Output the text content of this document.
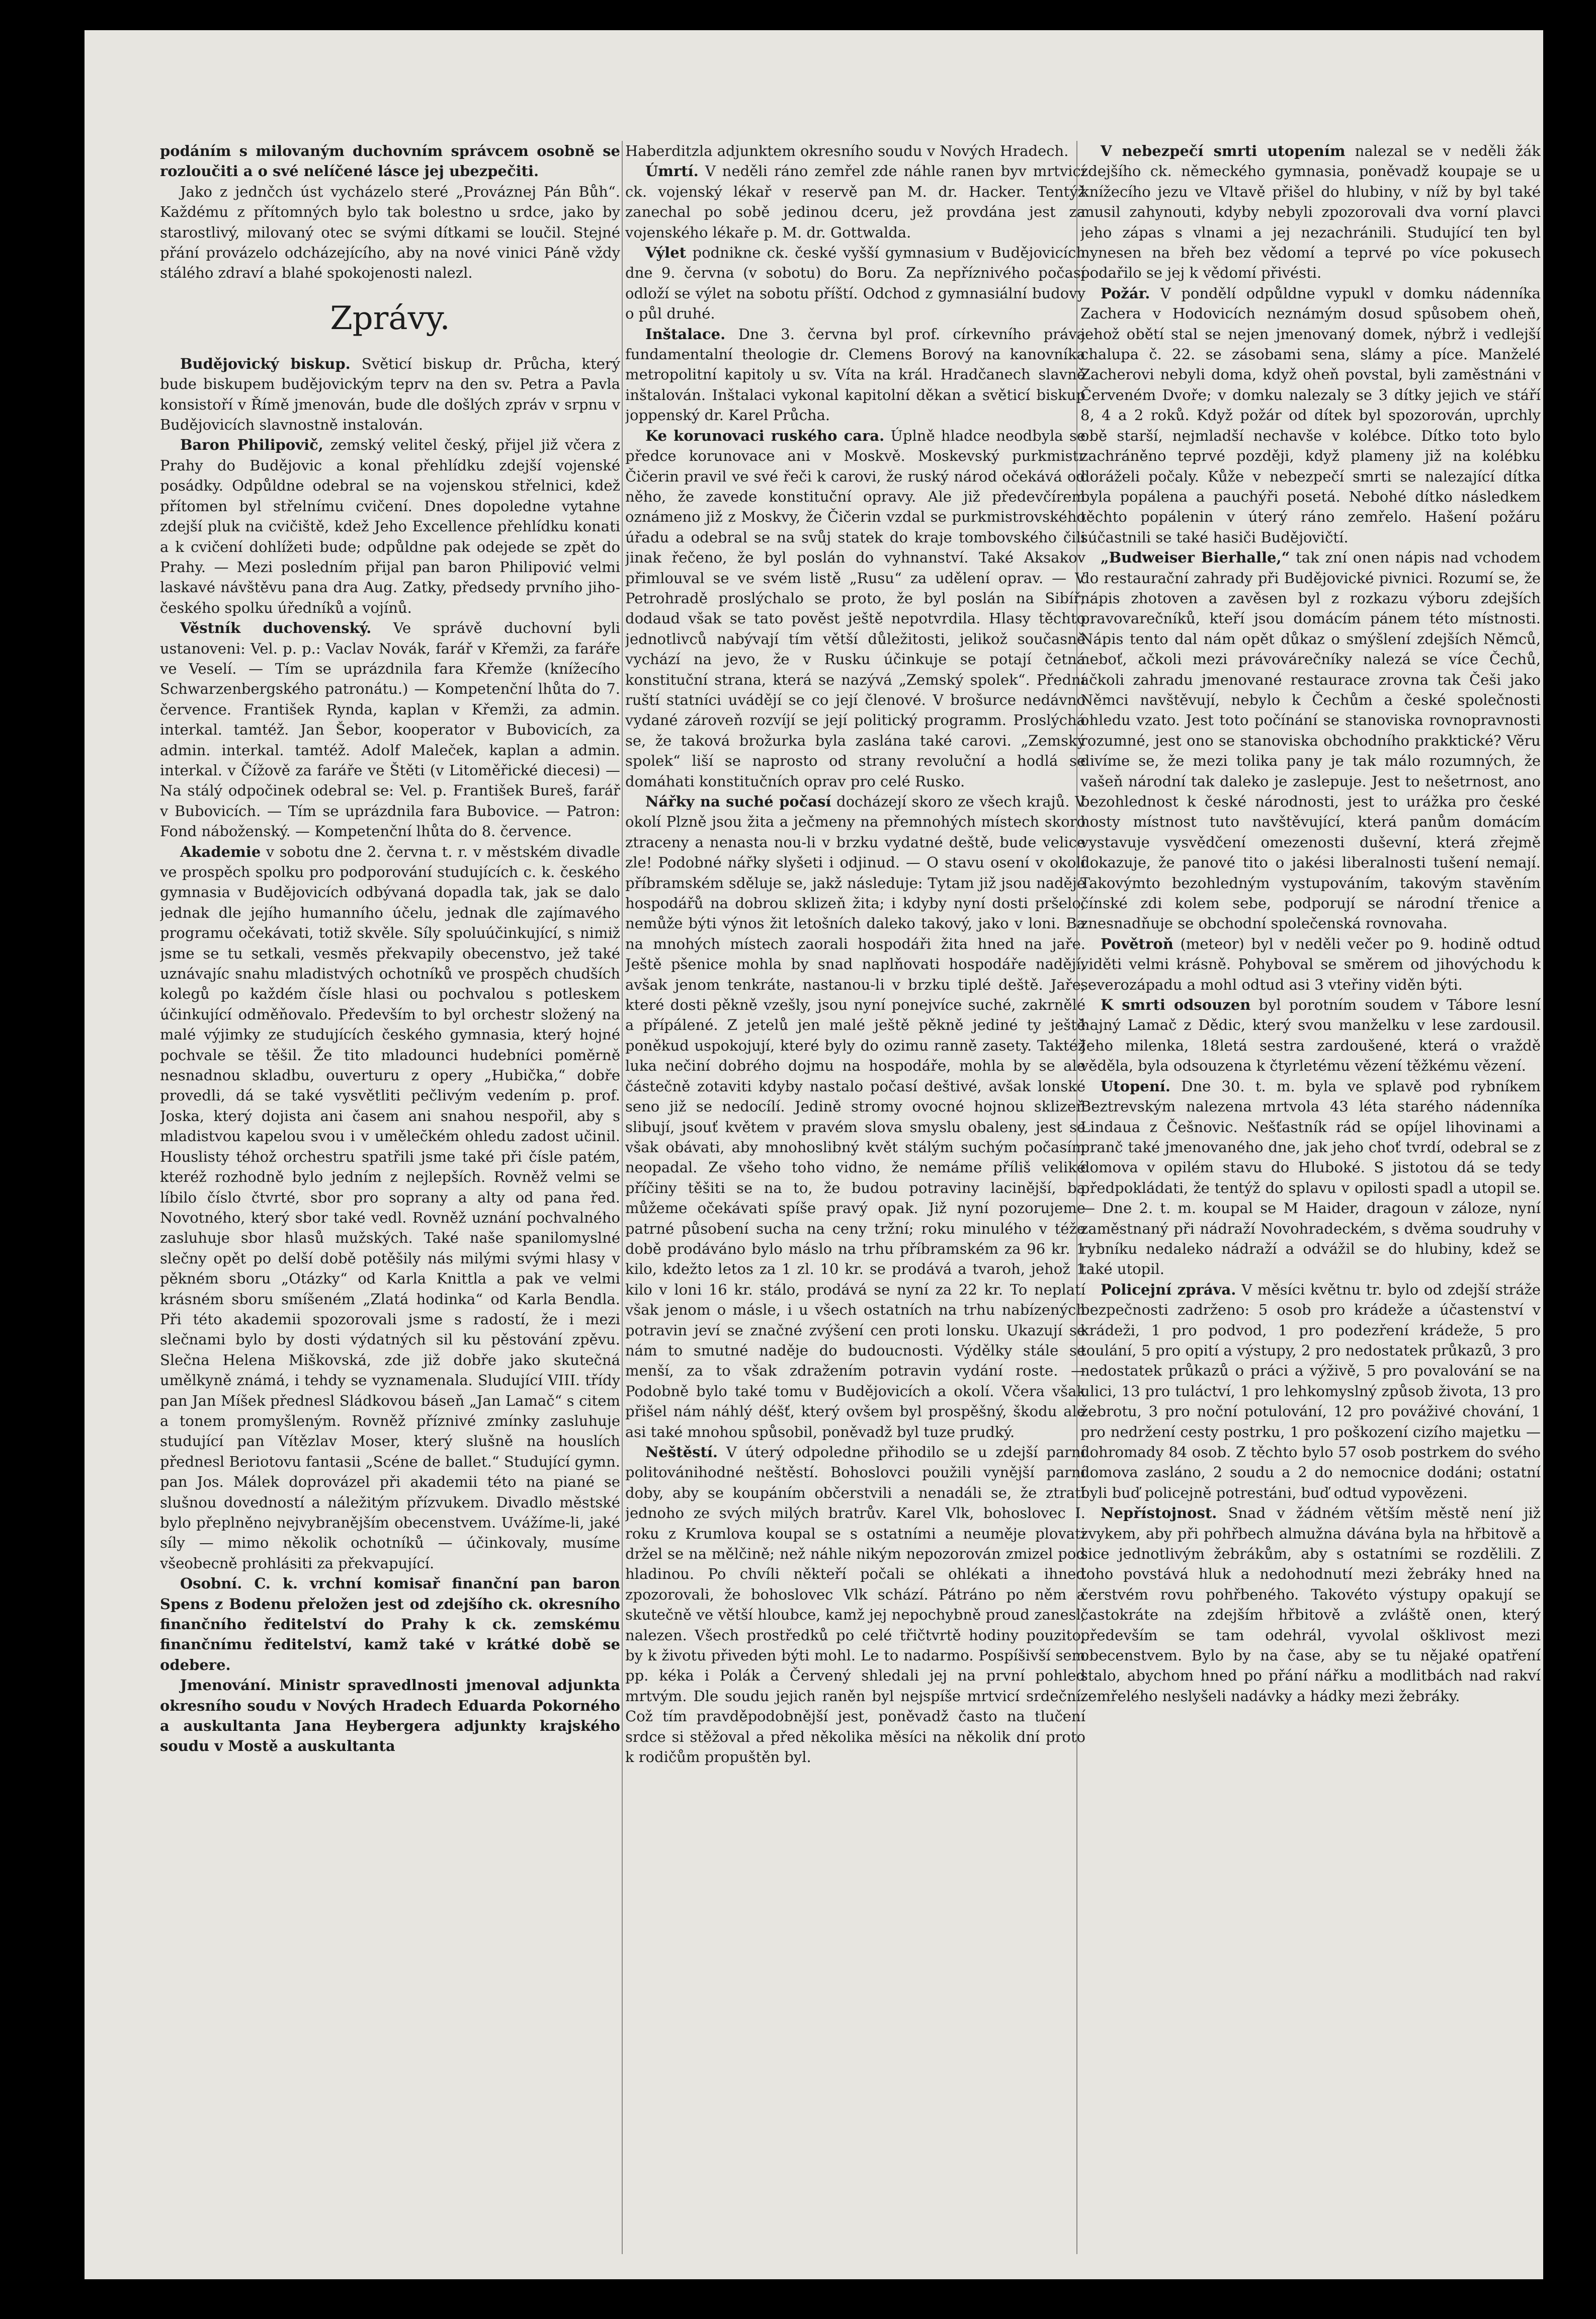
podáním s milovaným duchovním správcem osobně se rozloučiti a o své nelíčené lásce jej ubezpečiti.

Jako z jednčch úst vycházelo steré „Prováznej Pán Bůh“. Každému z přítomných bylo tak bolestno u srdce, jako by starostlivý, milovaný otec se svými dítkami se loučil. Stejné přání provázelo odcházejícího, aby na nové vinici Páně vždy stálého zdraví a blahé spokojenosti nalezl.

Zprávy.

Budějovický biskup. Světicí biskup dr. Průcha, který bude biskupem budějovickým teprv na den sv. Petra a Pavla konsistoří v Římě jmenován, bude dle došlých zpráv v srpnu v Budějovicích slavnostně instalován.

Baron Philipovič, zemský velitel český, přijel již včera z Prahy do Budějovic a konal přehlídku zdejší vojenské posádky. Odpůldne odebral se na vojenskou střelnici, kdež přítomen byl střelnímu cvičení. Dnes dopoledne vytahne zdejší pluk na cvičiště, kdež Jeho Excellence přehlídku konati a k cvičení dohlížeti bude; odpůldne pak odejede se zpět do Prahy. — Mezi posledním přijal pan baron Philipović velmi laskavé návštěvu pana dra Aug. Zatky, předsedy prvního jiho-českého spolku úředníků a vojínů.

Věstník duchovenský. Ve správě duchovní byli ustanoveni: Vel. p. p.: Vaclav Novák, farář v Křemži, za faráře ve Veselí. — Tím se uprázdnila fara Křemže (knížecího Schwarzenbergského patronátu.) — Kompetenční lhůta do 7. července. František Rynda, kaplan v Křemži, za admin. interkal. tamtéž. Jan Šebor, kooperator v Bubovicích, za admin. interkal. tamtéž. Adolf Maleček, kaplan a admin. interkal. v Čížově za faráře ve Štěti (v Litoměřické diecesi) — Na stálý odpočinek odebral se: Vel. p. František Bureš, farář v Bubovicích. — Tím se uprázdnila fara Bubovice. — Patron: Fond náboženský. — Kompetenční lhůta do 8. července.

Akademie v sobotu dne 2. června t. r. v městském divadle ve prospěch spolku pro podporování studujících c. k. českého gymnasia v Budějovicích odbývaná dopadla tak, jak se dalo jednak dle jejího humanního účelu, jednak dle zajímavého programu očekávati, totiž skvěle. Síly spoluúčinkující, s nimiž jsme se tu setkali, vesměs překvapily obecenstvo, jež také uznávajíc snahu mladistvých ochotníků ve prospěch chudších kolegů po každém čísle hlasi ou pochvalou s potleskem účinkující odměňovalo. Především to byl orchestr složený na malé výjimky ze studujících českého gymnasia, který hojné pochvale se těšil. Že tito mladounci hudebníci poměrně nesnadnou skladbu, ouverturu z opery „Hubička,“ dobře provedli, dá se také vysvětliti pečlivým vedením p. prof. Joska, který dojista ani časem ani snahou nespořil, aby s mladistvou kapelou svou i v umělec̆kém ohledu zadost učinil. Houslisty téhož orchestru spatřili jsme také při čísle patém, kteréž rozhodně bylo jedním z nejlepších. Rovněž velmi se líbilo číslo čtvrté, sbor pro soprany a alty od pana řed. Novotného, který sbor také vedl. Rovněž uznání pochvalného zasluhuje sbor hlasů mužských. Také naše spanilomyslné slečny opět po delší době potěšily nás milými svými hlasy v pěkném sboru „Otázky“ od Karla Knittla a pak ve velmi krásném sboru smíšeném „Zlatá hodinka“ od Karla Bendla. Při této akademii spozorovali jsme s radostí, že i mezi slečnami bylo by dosti výdatných sil ku pěstování zpěvu. Slečna Helena Miškovská, zde již dobře jako skutečná umělkyně známá, i tehdy se vyznamenala. Sludující VIII. třídy pan Jan Míšek přednesl Sládkovou báseň „Jan Lamač“ s citem a tonem promyšleným. Rovněž příznivé zmínky zasluhuje studující pan Vítězlav Moser, který slušně na houslích přednesl Beriotovu fantasii „Scéne de ballet.“ Studující gymn. pan Jos. Málek doprovázel při akademii této na piané se slušnou dovedností a náležitým přízvukem. Divadlo městské bylo přeplněno nejvybranějším obecenstvem. Uvážíme-li, jaké síly — mimo několik ochotníků — účinkovaly, musíme všeobecně prohlásiti za překvapující.

Osobní. C. k. vrchní komisař finanční pan baron Spens z Bodenu přeložen jest od zdejšího ck. okresního finančního ředitelství do Prahy k ck. zemskému finančnímu ředitelství, kamž také v krátké době se odebere.

Jmenování. Ministr spravedlnosti jmenoval adjunkta okresního soudu v Nových Hradech Eduarda Pokorného a auskultanta Jana Heybergera adjunkty krajského soudu v Mostě a auskultanta

Haberditzla adjunktem okresního soudu v Nových Hradech.

Úmrtí. V neděli ráno zemřel zde náhle ranen byv mrtvicí ck. vojenský lékař v reservě pan M. dr. Hacker. Tentýž zanechal po sobě jedinou dceru, jež provdána jest za vojenského lékaře p. M. dr. Gottwalda.

Výlet podnikne ck. české vyšší gymnasium v Budějovicích dne 9. června (v sobotu) do Boru. Za nepříznivého počasí odloží se výlet na sobotu příští. Odchod z gymnasiální budovy o půl druhé.

Inštalace. Dne 3. června byl prof. církevního práva fundamentalní theologie dr. Clemens Borový na kanovníka metropolitní kapitoly u sv. Víta na král. Hradčanech slavně inštalován. Inštalaci vykonal kapitolní děkan a světicí biskup joppenský dr. Karel Průcha.

Ke korunovaci ruského cara. Úplně hladce neodbyla se předce korunovace ani v Moskvě. Moskevský purkmistr Čičerin pravil ve své řeči k carovi, že ruský národ očekává od něho, že zavede konstituční opravy. Ale již předevčírem oznámeno již z Moskvy, že Čičerin vzdal se purkmistrovského úřadu a odebral se na svůj statek do kraje tombovského čili jinak řečeno, že byl poslán do vyhnanství. Také Aksakov přimlouval se ve svém listě „Rusu“ za udělení oprav. — V Petrohradě proslýchalo se proto, že byl poslán na Sibíř; dodaud však se tato pověst ještě nepotvrdila. Hlasy těchto jednotlivců nabývají tím větší důležitosti, jelikož současně vychází na jevo, že v Rusku účinkuje se potají četná konstituční strana, která se nazývá „Zemský spolek“. Přední ruští statníci uvádějí se co její členové. V brošurce nedávno vydané zároveň rozvíjí se její politický programm. Proslýchá se, že taková brožurka byla zaslána také carovi. „Zemský spolek“ liší se naprosto od strany revoluční a hodlá se domáhati konstitučních oprav pro celé Rusko.

Nářky na suché počasí docházejí skoro ze všech krajů. V okolí Plzně jsou žita a ječmeny na přemnohých místech skoro ztraceny a nenasta nou-li v brzku vydatné deště, bude velice zle! Podobné nářky slyšeti i odjinud. — O stavu osení v okolí příbramském sděluje se, jakž následuje: Tytam již jsou naděje hospodářů na dobrou sklizeň žita; i kdyby nyní dosti pršelo, nemůže býti výnos žit letošních daleko takový, jako v loni. Ba na mnohých místech zaorali hospodáři žita hned na jaře. Ještě pšenice mohla by snad naplňovati hospodáře nadějí, avšak jenom tenkráte, nastanou-li v brzku tiplé deště. Jaře, které dosti pěkně vzešly, jsou nyní ponejvíce suché, zakrnělé a přípálené. Z jetelů jen malé ještě pěkně jediné ty ještě poněkud uspokojují, které byly do ozimu ranně zasety. Taktéž luka nečiní dobrého dojmu na hospodáře, mohla by se ale částečně zotaviti kdyby nastalo počasí deštivé, avšak lonské seno již se nedocílí. Jedině stromy ovocné hojnou sklizeň slibují, jsouť květem v pravém slova smyslu obaleny, jest se však obávati, aby mnohoslibný květ stálým suchým počasím neopadal. Ze všeho toho vidno, že nemáme příliš veliké příčiny těšiti se na to, že budou potraviny lacinější, ba můžeme očekávati spíše pravý opak. Již nyní pozorujeme patrné působení sucha na ceny tržní; roku minulého v téže době prodáváno bylo máslo na trhu příbramském za 96 kr. 1 kilo, kdežto letos za 1 zl. 10 kr. se prodává a tvaroh, jehož 1 kilo v loni 16 kr. stálo, prodává se nyní za 22 kr. To neplatí však jenom o másle, i u všech ostatních na trhu nabízených potravin jeví se značné zvýšení cen proti lonsku. Ukazují se nám to smutné naděje do budoucnosti. Výdělky stále se menší, za to však zdražením potravin vydání roste. — Podobně bylo také tomu v Budějovicích a okolí. Včera však přišel nám náhlý déšť, který ovšem byl prospěšný, škodu ale asi také mnohou spůsobil, poněvadž byl tuze prudký.

Neštěstí. V úterý odpoledne přihodilo se u zdejší parní politovánihodné neštěstí. Bohoslovci použili vynější parní doby, aby se koupáním občerstvili a nenadáli se, že ztratí jednoho ze svých milých bratrův. Karel Vlk, bohoslovec I. roku z Krumlova koupal se s ostatními a neuměje plovati držel se na mělčině; než náhle nikým nepozorován zmizel pod hladinou. Po chvíli někteří počali se ohlékati a ihned zpozorovali, že bohoslovec Vlk schází. Pátráno po něm a skutečně ve větší hloubce, kamž jej nepochybně proud zanesl, nalezen. Všech prostředků po celé třičtvrtě hodiny pouzito, by k životu přiveden býti mohl. Le to nadarmo. Pospíšivší sem pp. kéka i Polák a Červený shledali jej na první pohled mrtvým. Dle soudu jejich raněn byl nejspíše mrtvicí srdeční. Což tím pravděpodobnější jest, poněvadž často na tlučení srdce si stěžoval a před několika měsíci na několik dní proto k rodičům propuštěn byl.

V nebezpečí smrti utopením nalezal se v neděli žák zdejšího ck. německého gymnasia, poněvadž koupaje se u knížecího jezu ve Vltavě přišel do hlubiny, v níž by byl také musil zahynouti, kdyby nebyli zpozorovali dva vorní plavci jeho zápas s vlnami a jej nezachránili. Studující ten byl nynesen na břeh bez vědomí a teprvé po více pokusech podařilo se jej k vědomí přivésti.

Požár. V pondělí odpůldne vypukl v domku nádenníka Zachera v Hodovicích neznámým dosud spůsobem oheň, jehož obětí stal se nejen jmenovaný domek, nýbrž i vedlejší chalupa č. 22. se zásobami sena, slámy a píce. Manželé Zacherovi nebyli doma, když oheň povstal, byli zaměstnáni v Červeném Dvoře; v domku nalezaly se 3 dítky jejich ve stáří 8, 4 a 2 roků. Když požár od dítek byl spozorován, uprchly obě starší, nejmladší nechavše v kolébce. Dítko toto bylo zachráněno teprvé později, když plameny již na kolébku doráželi počaly. Kůže v nebezpečí smrti se nalezající dítka byla popálena a pauchýři posetá. Nebohé dítko následkem těchto popálenin v úterý ráno zemřelo. Hašení požáru súčastnili se také hasiči Budějovičtí.

„Budweiser Bierhalle,“ tak zní onen nápis nad vchodem do restaurační zahrady při Budějovické pivnici. Rozumí se, že nápis zhotoven a zavěsen byl z rozkazu výboru zdejších pravovarečníků, kteří jsou domácím pánem této místnosti. Nápis tento dal nám opět důkaz o smýšlení zdejších Němců, neboť, ačkoli mezi právovárečníky nalezá se více Čechů, ačkoli zahradu jmenované restaurace zrovna tak Češi jako Němci navštěvují, nebylo k Čechům a české společnosti ohledu vzato. Jest toto počínání se stanoviska rovnopravnosti rozumné, jest ono se stanoviska obchodního prakktické? Věru divíme se, že mezi tolika pany je tak málo rozumných, že vašeň národní tak daleko je zaslepuje. Jest to nešetrnost, ano bezohlednost k české národnosti, jest to urážka pro české hosty místnost tuto navštěvující, která panům domácím vystavuje vysvědčení omezenosti duševní, která zřejmě dokazuje, že panové tito o jakési liberalnosti tušení nemají. Takovýmto bezohledným vystupováním, takovým stavěním čínské zdi kolem sebe, podporují se národní třenice a znesnadňuje se obchodní společenská rovnovaha.

Povětroň (meteor) byl v neděli večer po 9. hodině odtud viděti velmi krásně. Pohyboval se směrem od jihovýchodu k severozápadu a mohl odtud asi 3 vteřiny viděn býti.

K smrti odsouzen byl porotním soudem v Tábore lesní hajný Lamač z Dědic, který svou manželku v lese zardousil. Jeho milenka, 18letá sestra zardoušené, která o vraždě věděla, byla odsouzena k čtyrletému vězení těžkému vězení.

Utopení. Dne 30. t. m. byla ve splavě pod rybníkem Beztrevským nalezena mrtvola 43 léta starého nádenníka Lindaua z Češnovic. Nešťastník rád se opíjel lihovinami a pranč také jmenovaného dne, jak jeho choť tvrdí, odebral se z domova v opilém stavu do Hluboké. S jistotou dá se tedy předpokládati, že tentýž do splavu v opilosti spadl a utopil se. — Dne 2. t. m. koupal se M Haider, dragoun v záloze, nyní zaměstnaný při nádraží Novohradeckém, s dvěma soudruhy v rybníku nedaleko nádraží a odvážil se do hlubiny, kdež se také utopil.

Policejní zpráva. V měsíci květnu tr. bylo od zdejší stráže bezpečnosti zadrženo: 5 osob pro krádeže a účastenství v krádeži, 1 pro podvod, 1 pro podezření krádeže, 5 pro toulání, 5 pro opití a výstupy, 2 pro nedostatek průkazů, 3 pro nedostatek průkazů o práci a výživě, 5 pro povalování se na ulici, 13 pro tuláctví, 1 pro lehkomyslný způsob života, 13 pro žebrotu, 3 pro noční potulování, 12 pro pováživé chování, 1 pro nedržení cesty postrku, 1 pro poškození cizího majetku — dohromady 84 osob. Z těchto bylo 57 osob postrkem do svého domova zasláno, 2 soudu a 2 do nemocnice dodáni; ostatní byli buď policejně potrestáni, buď odtud vypovězeni.

Nepřístojnost. Snad v žádném větším městě není již zvykem, aby při pohřbech almužna dávána byla na hřbitově a sice jednotlivým žebrákům, aby s ostatními se rozdělili. Z toho povstává hluk a nedohodnutí mezi žebráky hned na čerstvém rovu pohřbeného. Takovéto výstupy opakují se častokráte na zdejším hřbitově a zvláště onen, který především se tam odehrál, vyvolal ošklivost mezi obecenstvem. Bylo by na čase, aby se tu nějaké opatření stalo, abychom hned po přání nářku a modlitbách nad rakví zemřelého neslyšeli nadávky a hádky mezi žebráky.
